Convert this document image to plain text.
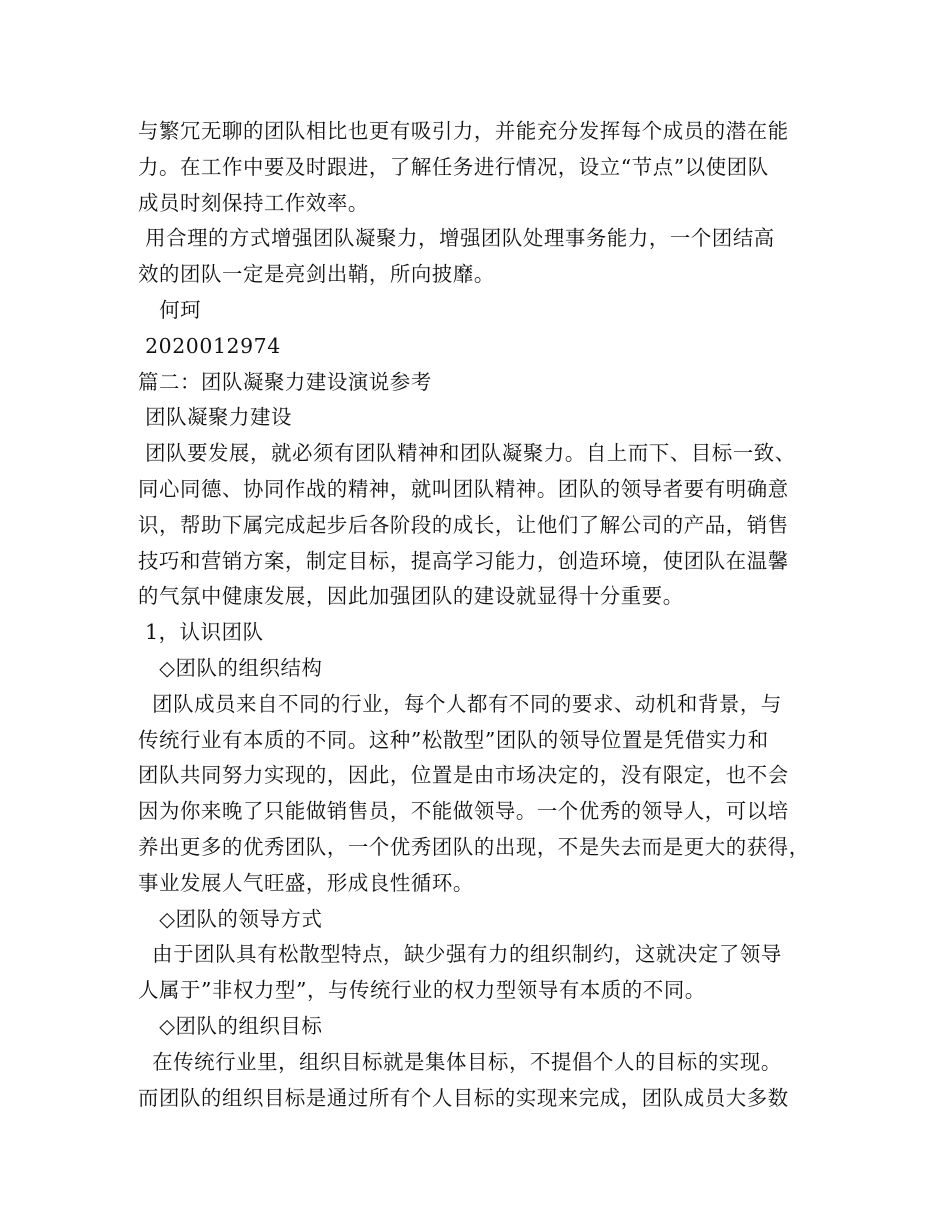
与繁冗无聊的团队相比也更有吸引力，并能充分发挥每个成员的潜在能
力。在工作中要及时跟进，了解任务进行情况，设立“节点”以使团队
成员时刻保持工作效率。
用合理的方式增强团队凝聚力，增强团队处理事务能力，一个团结高
效的团队一定是亮剑出鞘，所向披靡。
何珂
2020012974
篇二：团队凝聚力建设演说参考
团队凝聚力建设
团队要发展，就必须有团队精神和团队凝聚力。自上而下、目标一致、
同心同德、协同作战的精神，就叫团队精神。团队的领导者要有明确意
识，帮助下属完成起步后各阶段的成长，让他们了解公司的产品，销售
技巧和营销方案，制定目标，提高学习能力，创造环境，使团队在温馨
的气氛中健康发展，因此加强团队的建设就显得十分重要。
1，认识团队
◇团队的组织结构
团队成员来自不同的行业，每个人都有不同的要求、动机和背景，与
传统行业有本质的不同。这种”松散型”团队的领导位置是凭借实力和
团队共同努力实现的，因此，位置是由市场决定的，没有限定，也不会
因为你来晚了只能做销售员，不能做领导。一个优秀的领导人，可以培
养出更多的优秀团队，一个优秀团队的出现，不是失去而是更大的获得，
事业发展人气旺盛，形成良性循环。
◇团队的领导方式
由于团队具有松散型特点，缺少强有力的组织制约，这就决定了领导
人属于”非权力型”，与传统行业的权力型领导有本质的不同。
◇团队的组织目标
在传统行业里，组织目标就是集体目标，不提倡个人的目标的实现。
而团队的组织目标是通过所有个人目标的实现来完成，团队成员大多数
